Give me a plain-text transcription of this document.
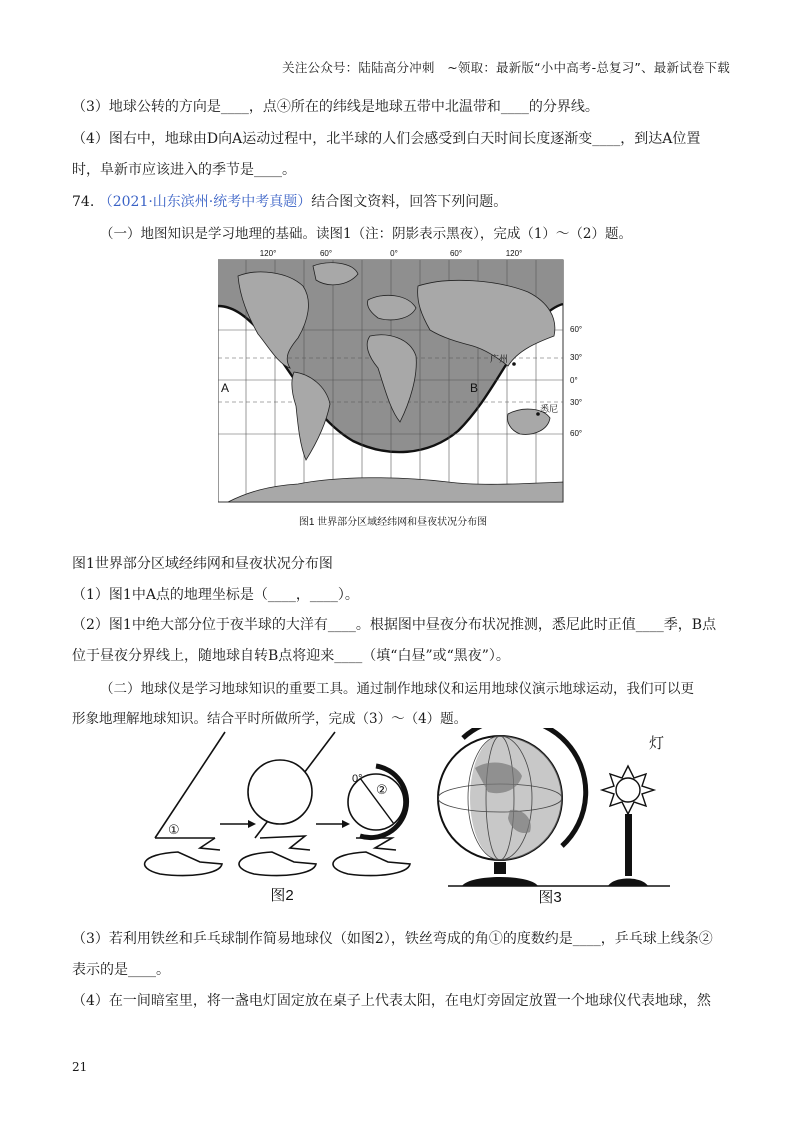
关注公众号：陆陆高分冲刺　~领取：最新版“小中高考-总复习”、最新试卷下载
（3）地球公转的方向是____，点④所在的纬线是地球五带中北温带和____的分界线。
（4）图右中，地球由D向A运动过程中，北半球的人们会感受到白天时间长度逐渐变____，到达A位置
时，阜新市应该进入的季节是____。
74. （2021·山东滨州·统考中考真题）结合图文资料，回答下列问题。
（一）地图知识是学习地理的基础。读图1（注：阴影表示黑夜），完成（1）～（2）题。
120°	60°	0°	60°	120°
60°
30°
0°
30°
60°
A	B
广州
悉尼
图1 世界部分区域经纬网和昼夜状况分布图
图1世界部分区域经纬网和昼夜状况分布图
（1）图1中A点的地理坐标是（____，____）。
（2）图1中绝大部分位于夜半球的大洋有____。根据图中昼夜分布状况推测，悉尼此时正值____季，B点
位于昼夜分界线上，随地球自转B点将迎来____（填“白昼”或“黑夜”）。
（二）地球仪是学习地球知识的重要工具。通过制作地球仪和运用地球仪演示地球运动，我们可以更
形象地理解地球知识。结合平时所做所学，完成（3）～（4）题。
①
0°
②
图2
灯
图3
（3）若利用铁丝和乒乓球制作简易地球仪（如图2），铁丝弯成的角①的度数约是____，乒乓球上线条②
表示的是____。
（4）在一间暗室里，将一盏电灯固定放在桌子上代表太阳，在电灯旁固定放置一个地球仪代表地球，然
21
